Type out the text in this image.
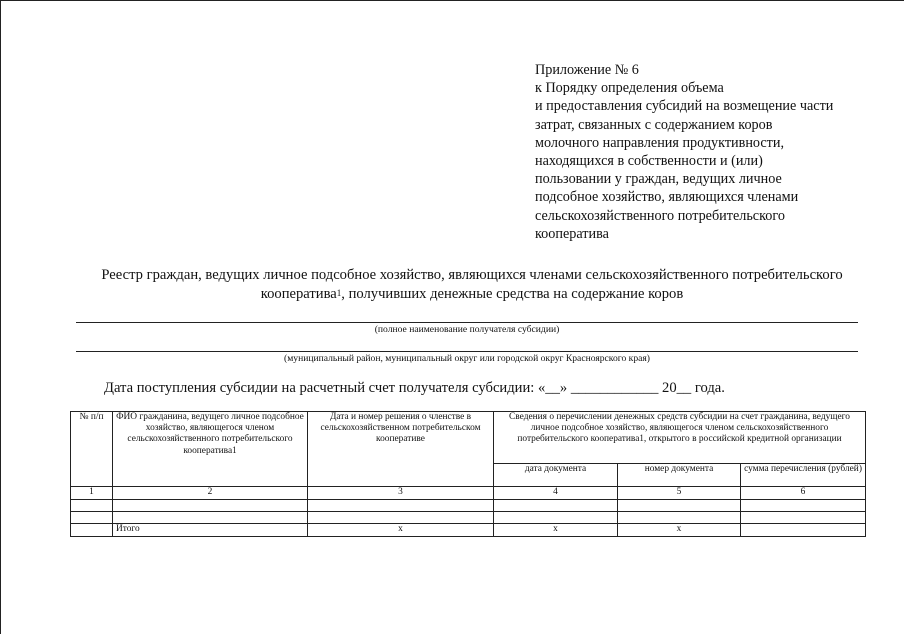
Приложение № 6
к Порядку определения объема
и предоставления субсидий на возмещение части
затрат, связанных с содержанием коров
молочного направления продуктивности,
находящихся в собственности и (или)
пользовании у граждан, ведущих личное
подсобное хозяйство, являющихся членами
сельскохозяйственного потребительского
кооператива
Реестр граждан, ведущих личное подсобное хозяйство, являющихся членами сельскохозяйственного потребительского
кооператива$^1$, получивших денежные средства на содержание коров
(полное наименование получателя субсидии)
(муниципальный район, муниципальный округ или городской округ Красноярского края)
Дата поступления субсидии на расчетный счет получателя субсидии: «__» ____________ 20__ года.
№ п/п	ФИО гражданина, ведущего личное подсобное хозяйство, являющегося членом сельскохозяйственного потребительского кооператива$^1$	Дата и номер решения о членстве в сельскохозяйственном потребительском кооперативе	Сведения о перечислении денежных средств субсидии на счет гражданина, ведущего личное подсобное хозяйство, являющегося членом сельскохозяйственного потребительского кооператива$^1$, открытого в российской кредитной организации		
			дата документа	номер документа	сумма перечисления (рублей)
1	2	3	4	5	6

	Итого	x	x	x	
